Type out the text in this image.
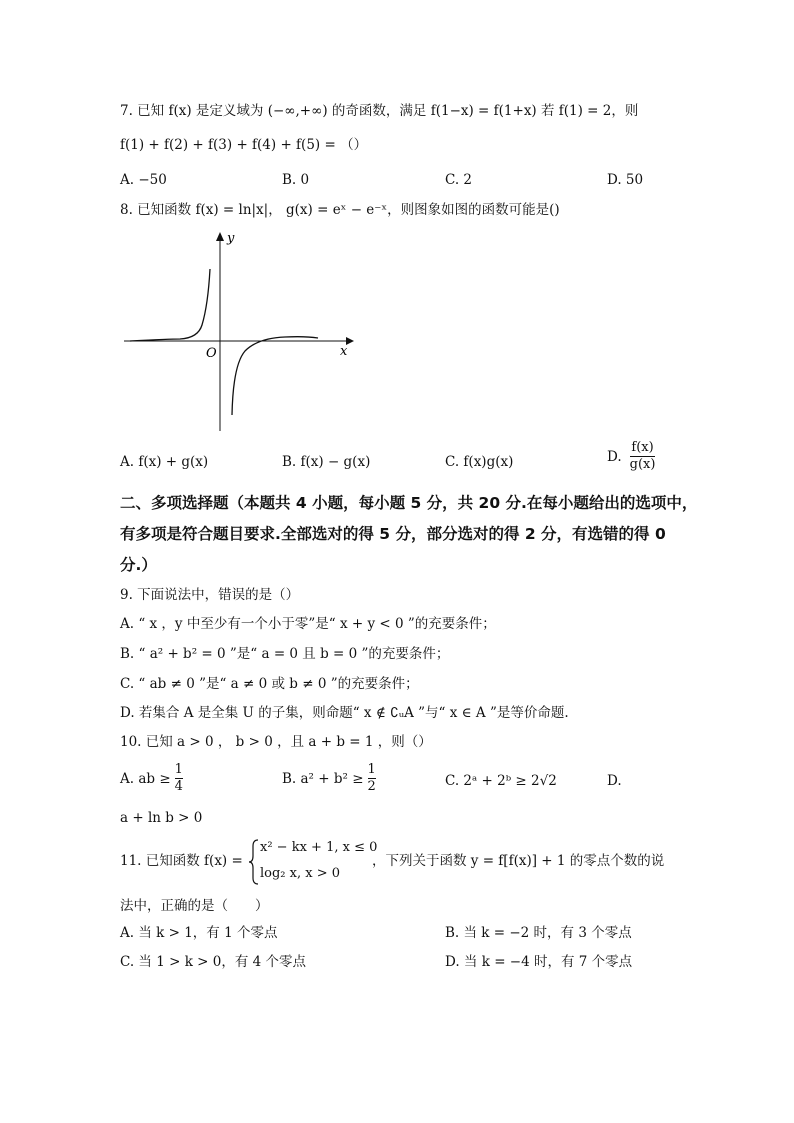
7. 已知 f(x) 是定义域为 (−∞,+∞) 的奇函数，满足 f(1−x) = f(1+x) 若 f(1) = 2，则
f(1) + f(2) + f(3) + f(4) + f(5) = （）
A. −50	B. 0	C. 2	D. 50
8. 已知函数 f(x) = ln|x|， g(x) = eˣ − e⁻ˣ，则图象如图的函数可能是()
y
x
O
A. f(x) + g(x)	B. f(x) − g(x)	C. f(x)g(x)	D. $\frac{f(x)}{g(x)}$
二、多项选择题（本题共 4 小题，每小题 5 分，共 20 分.在每小题给出的选项中，
有多项是符合题目要求.全部选对的得 5 分，部分选对的得 2 分，有选错的得 0
分.）
9. 下面说法中，错误的是（）
A. “ x ，y 中至少有一个小于零”是“ x + y < 0 ”的充要条件；
B. “ a² + b² = 0 ”是“ a = 0 且 b = 0 ”的充要条件；
C. “ ab ≠ 0 ”是“ a ≠ 0 或 b ≠ 0 ”的充要条件；
D. 若集合 A 是全集 U 的子集，则命题“ x ∉ ∁ᵤA ”与“ x ∈ A ”是等价命题.
10. 已知 a > 0 ， b > 0 ，且 a + b = 1 ，则（）
A. ab ≥ $\frac{1}{4}$	B. $a^2 + b^2 \ge \frac{1}{2}$	C. 2ᵃ + 2ᵇ ≥ 2√2	D.
a + ln b > 0
11. 已知函数 f(x) =
x² − kx + 1, x ≤ 0
log₂ x, x > 0
，下列关于函数 y = f[f(x)] + 1 的零点个数的说
法中，正确的是（　　）
A. 当 k > 1，有 1 个零点	B. 当 k = −2 时，有 3 个零点
C. 当 1 > k > 0，有 4 个零点	D. 当 k = −4 时，有 7 个零点
